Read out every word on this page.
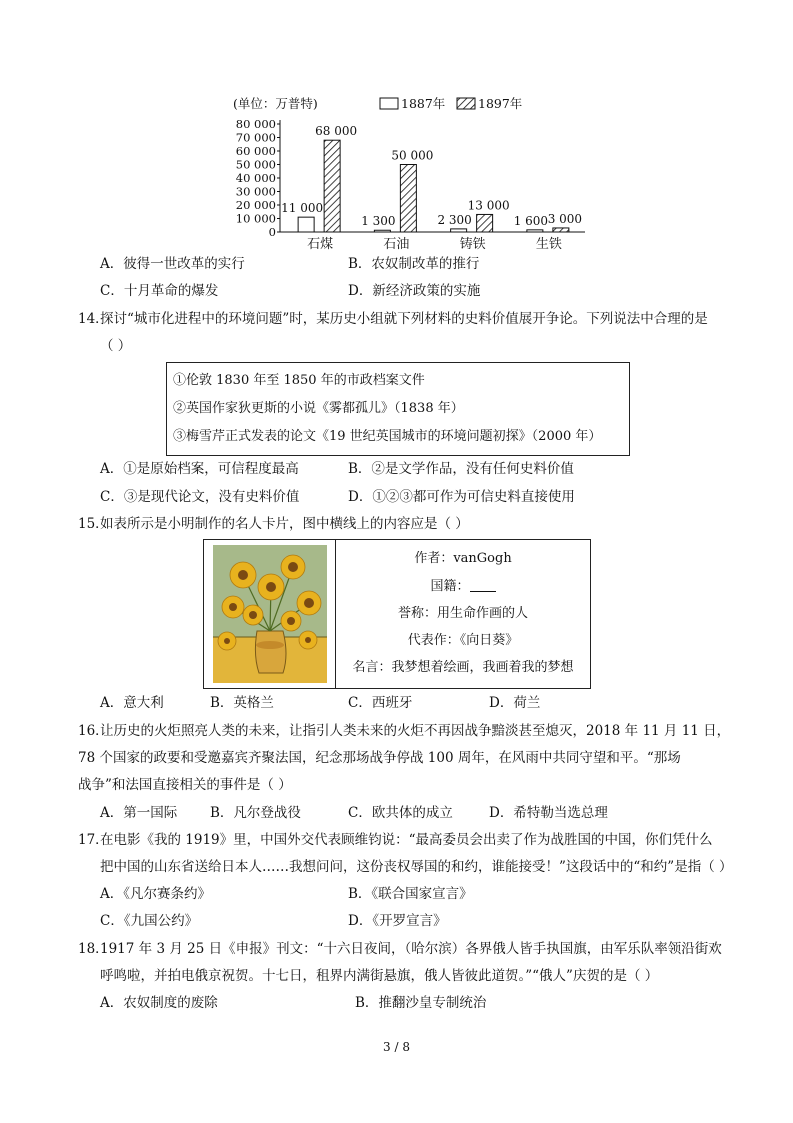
(单位：万普特)	1887年	1897年
80 000
70 000
60 000
50 000
40 000
30 000
20 000
10 000
0
11 000
68 000
石煤
1 300
50 000
石油
2 300
13 000
铸铁
1 600 3 000
生铁
A．彼得一世改革的实行	B．农奴制改革的推行
C．十月革命的爆发	D．新经济政策的实施
14．
探讨“城市化进程中的环境问题”时，某历史小组就下列材料的史料价值展开争论。下列说法中合理的是
（ ）
①伦敦 1830 年至 1850 年的市政档案文件
②英国作家狄更斯的小说《雾都孤儿》（1838 年）
③梅雪芹正式发表的论文《19 世纪英国城市的环境问题初探》（2000 年）
A．①是原始档案，可信程度最高	B．②是文学作品，没有任何史料价值
C．③是现代论文，没有史料价值	D．①②③都可作为可信史料直接使用
15．
如表所示是小明制作的名人卡片，图中横线上的内容应是（ ）
作者：vanGogh
国籍：
誉称：用生命作画的人
代表作：《向日葵》
名言：我梦想着绘画，我画着我的梦想
A．意大利	B．英格兰	C．西班牙	D．荷兰
16．
让历史的火炬照亮人类的未来，让指引人类未来的火炬不再因战争黯淡甚至熄灭，2018 年 11 月 11 日，
78 个国家的政要和受邀嘉宾齐聚法国，纪念那场战争停战 100 周年，在风雨中共同守望和平。“那场
战争”和法国直接相关的事件是（ ）
A．第一国际 B．凡尔登战役	C．欧共体的成立	D．希特勒当选总理
17．
在电影《我的 1919》里，中国外交代表顾维钧说：“最高委员会出卖了作为战胜国的中国，你们凭什么
把中国的山东省送给日本人……我想问问，这份丧权辱国的和约，谁能接受！”这段话中的“和约”是指（ ）
A．《凡尔赛条约》	B．《联合国家宣言》
C．《九国公约》	D．《开罗宣言》
18．
1917 年 3 月 25 日《申报》刊文：“十六日夜间，（哈尔滨）各界俄人皆手执国旗，由军乐队率领沿街欢
呼鸣啦，并拍电俄京祝贺。十七日，租界内满街悬旗，俄人皆彼此道贺。”“俄人”庆贺的是（ ）
A．农奴制度的废除	B．推翻沙皇专制统治
3 / 8
